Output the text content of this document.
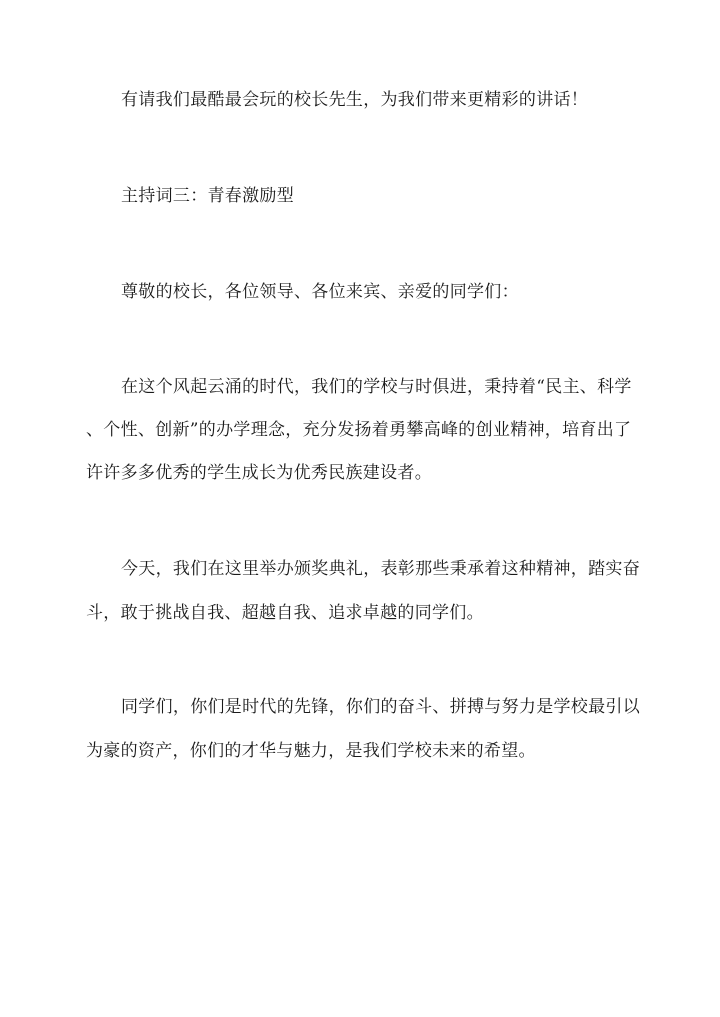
有请我们最酷最会玩的校长先生，为我们带来更精彩的讲话！
主持词三：青春激励型
尊敬的校长，各位领导、各位来宾、亲爱的同学们：
在这个风起云涌的时代，我们的学校与时俱进，秉持着“民主、科学
、个性、创新”的办学理念，充分发扬着勇攀高峰的创业精神，培育出了
许许多多优秀的学生成长为优秀民族建设者。
今天，我们在这里举办颁奖典礼，表彰那些秉承着这种精神，踏实奋
斗，敢于挑战自我、超越自我、追求卓越的同学们。
同学们，你们是时代的先锋，你们的奋斗、拼搏与努力是学校最引以
为豪的资产，你们的才华与魅力，是我们学校未来的希望。
